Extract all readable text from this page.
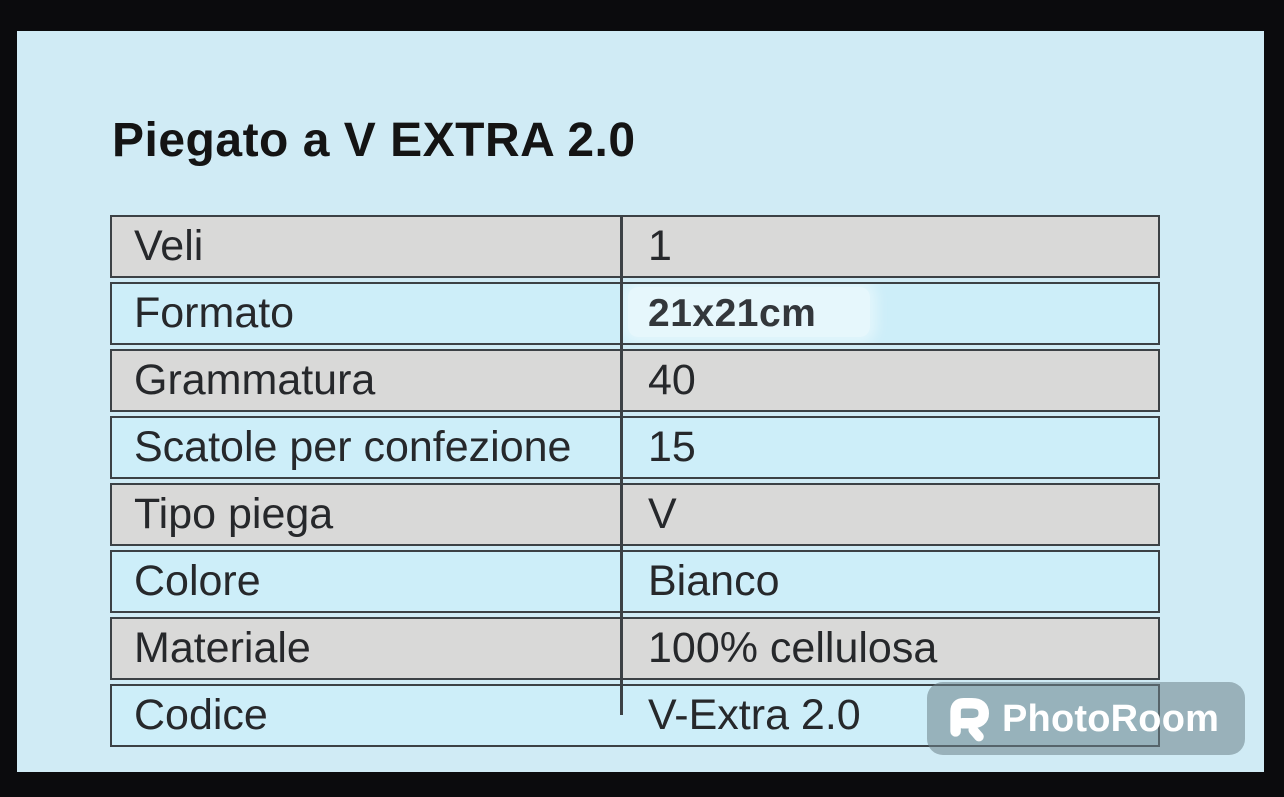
Piegato a V EXTRA 2.0
Veli	1
Formato	21x21cm
Grammatura	40
Scatole per confezione	15
Tipo piega	V
Colore	Bianco
Materiale	100% cellulosa
Codice	V-Extra 2.0	PhotoRoom
